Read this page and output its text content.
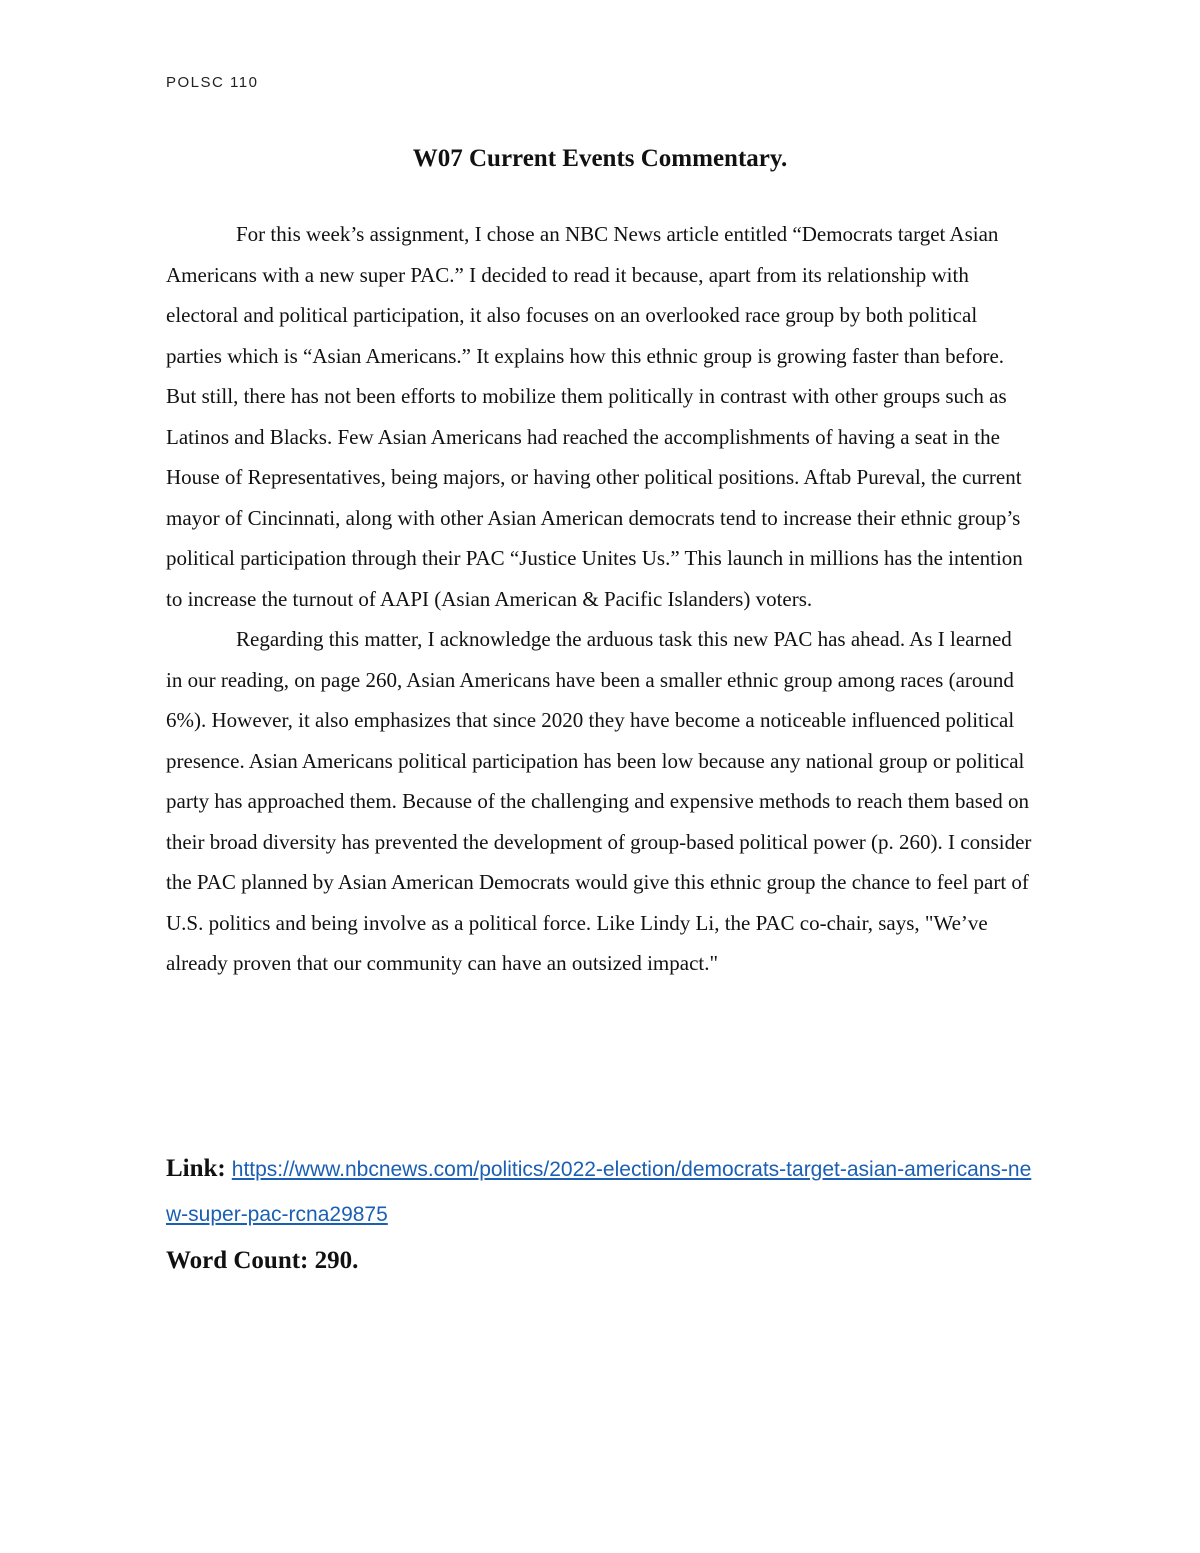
POLSC 110
W07 Current Events Commentary.

For this week’s assignment, I chose an NBC News article entitled “Democrats target Asian Americans with a new super PAC.” I decided to read it because, apart from its relationship with electoral and political participation, it also focuses on an overlooked race group by both political parties which is “Asian Americans.” It explains how this ethnic group is growing faster than before. But still, there has not been efforts to mobilize them politically in contrast with other groups such as Latinos and Blacks. Few Asian Americans had reached the accomplishments of having a seat in the House of Representatives, being majors, or having other political positions. Aftab Pureval, the current mayor of Cincinnati, along with other Asian American democrats tend to increase their ethnic group’s political participation through their PAC “Justice Unites Us.” This launch in millions has the intention to increase the turnout of AAPI (Asian American & Pacific Islanders) voters.

Regarding this matter, I acknowledge the arduous task this new PAC has ahead. As I learned in our reading, on page 260, Asian Americans have been a smaller ethnic group among races (around 6%). However, it also emphasizes that since 2020 they have become a noticeable influenced political presence. Asian Americans political participation has been low because any national group or political party has approached them. Because of the challenging and expensive methods to reach them based on their broad diversity has prevented the development of group-based political power (p. 260). I consider the PAC planned by Asian American Democrats would give this ethnic group the chance to feel part of U.S. politics and being involve as a political force. Like Lindy Li, the PAC co-chair, says, "We’ve already proven that our community can have an outsized impact."

Link: https://www.nbcnews.com/politics/2022-election/democrats-target-asian-americans-new-super-pac-rcna29875
Word Count: 290.
